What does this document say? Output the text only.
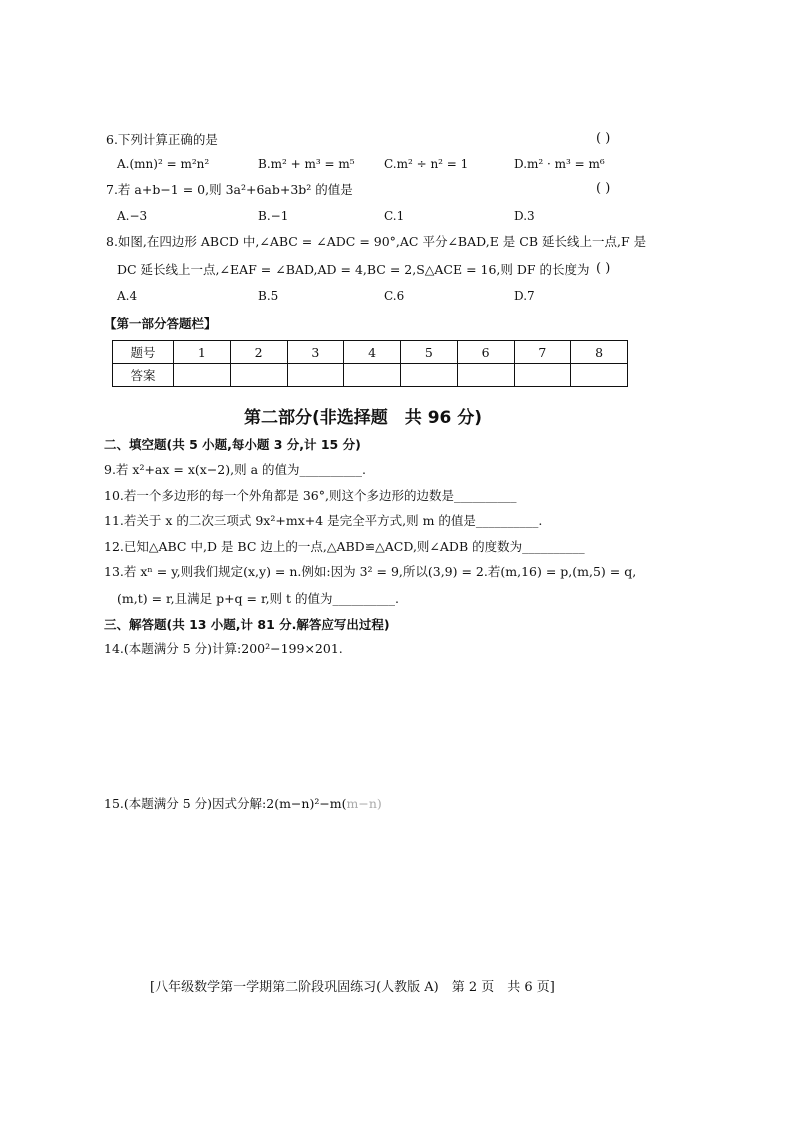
6.下列计算正确的是	( )
A.(mn)² = m²n²	B.m² + m³ = m⁵ C.m² ÷ n² = 1	D.m² · m³ = m⁶
7.若 a+b−1 = 0,则 3a²+6ab+3b² 的值是	( )
A.−3	B.−1	C.1	D.3
8.如图,在四边形 ABCD 中,∠ABC = ∠ADC = 90°,AC 平分∠BAD,E 是 CB 延长线上一点,F 是
DC 延长线上一点,∠EAF = ∠BAD,AD = 4,BC = 2,S△ACE = 16,则 DF 的长度为 ( )
A.4	B.5	C.6	D.7
【第一部分答题栏】
题号	1	2	3	4	5	6	7	8
答案								
第二部分(非选择题　共 96 分)
二、填空题(共 5 小题,每小题 3 分,计 15 分)
9.若 x²+ax = x(x−2),则 a 的值为__________.
10.若一个多边形的每一个外角都是 36°,则这个多边形的边数是__________
11.若关于 x 的二次三项式 9x²+mx+4 是完全平方式,则 m 的值是__________.
12.已知△ABC 中,D 是 BC 边上的一点,△ABD≌△ACD,则∠ADB 的度数为__________
13.若 xⁿ = y,则我们规定(x,y) = n.例如:因为 3² = 9,所以(3,9) = 2.若(m,16) = p,(m,5) = q,
(m,t) = r,且满足 p+q = r,则 t 的值为__________.
三、解答题(共 13 小题,计 81 分.解答应写出过程)
14.(本题满分 5 分)计算:200²−199×201.
15.(本题满分 5 分)因式分解:2(m−n)²−m(m−n)
[八年级数学第一学期第二阶段巩固练习(人教版 A)　第 2 页　共 6 页]
